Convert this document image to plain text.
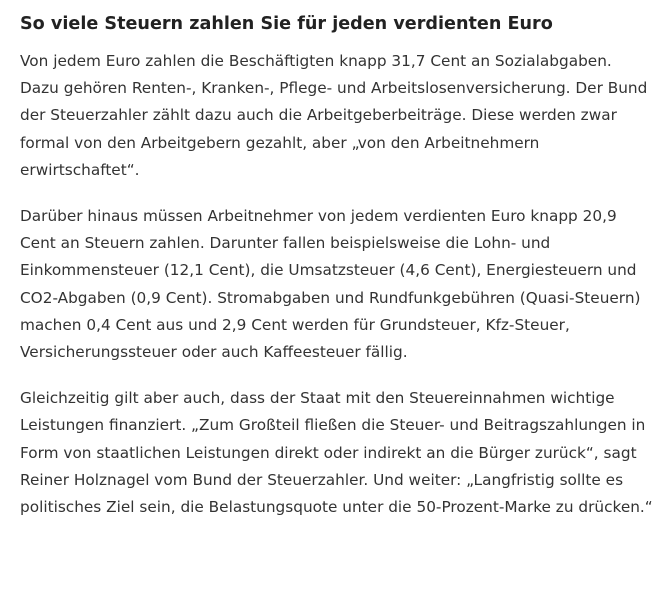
So viele Steuern zahlen Sie für jeden verdienten Euro

Von jedem Euro zahlen die Beschäftigten knapp 31,7 Cent an Sozialabgaben. Dazu gehören Renten-, Kranken-, Pflege- und Arbeitslosenversicherung. Der Bund der Steuerzahler zählt dazu auch die Arbeitgeberbeiträge. Diese werden zwar formal von den Arbeitgebern gezahlt, aber „von den Arbeitnehmern erwirtschaftet“.

Darüber hinaus müssen Arbeitnehmer von jedem verdienten Euro knapp 20,9 Cent an Steuern zahlen. Darunter fallen beispielsweise die Lohn- und Einkommensteuer (12,1 Cent), die Umsatzsteuer (4,6 Cent), Energiesteuern und CO2-Abgaben (0,9 Cent). Stromabgaben und Rundfunkgebühren (Quasi-Steuern) machen 0,4 Cent aus und 2,9 Cent werden für Grundsteuer, Kfz-Steuer, Versicherungssteuer oder auch Kaffeesteuer fällig.

Gleichzeitig gilt aber auch, dass der Staat mit den Steuereinnahmen wichtige Leistungen finanziert. „Zum Großteil fließen die Steuer- und Beitragszahlungen in Form von staatlichen Leistungen direkt oder indirekt an die Bürger zurück“, sagt Reiner Holznagel vom Bund der Steuerzahler. Und weiter: „Langfristig sollte es politisches Ziel sein, die Belastungsquote unter die 50-Prozent-Marke zu drücken.“
